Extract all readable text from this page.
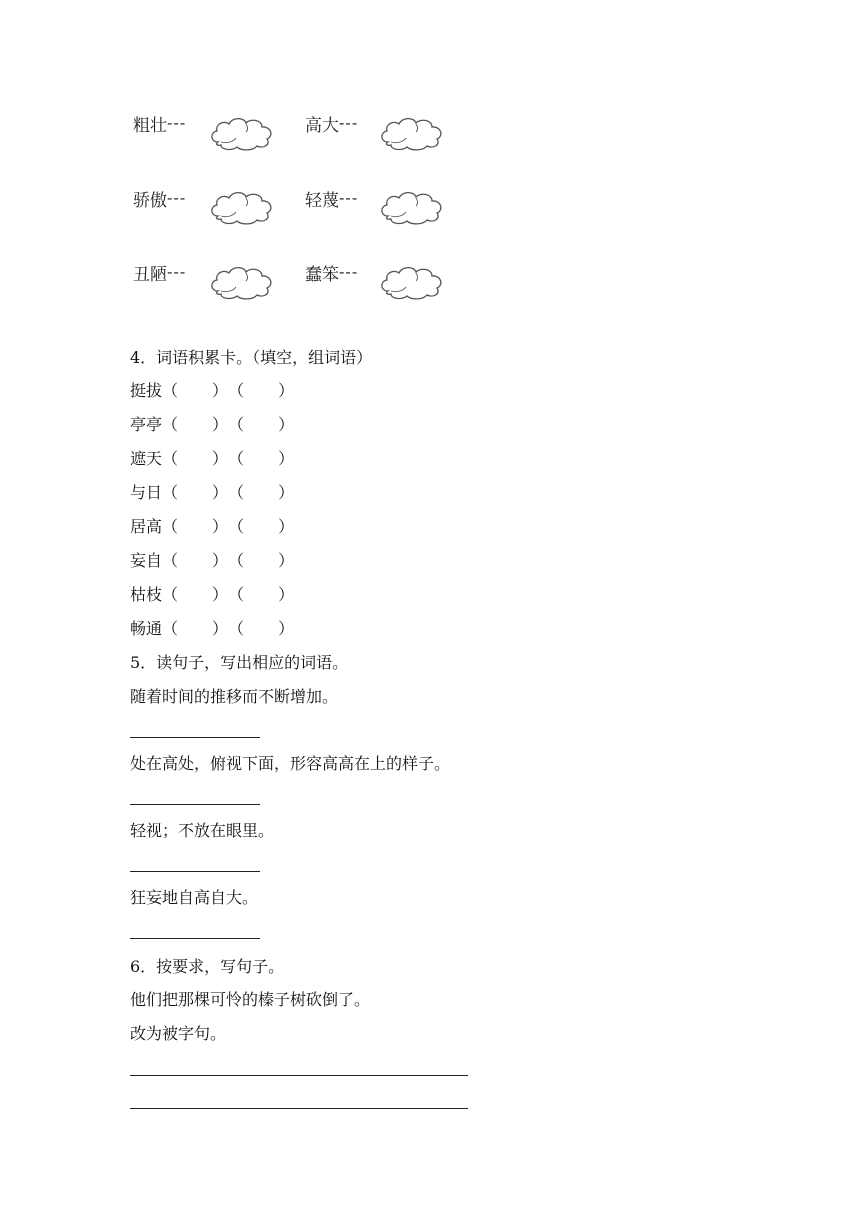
粗壮 ---	高大 ---
骄傲 ---	轻蔑 ---
丑陋 ---	蠢笨 ---
4．词语积累卡。（填空，组词语）
挺拔（ ）（ ）
亭亭（ ）（ ）
遮天（ ）（ ）
与日（ ）（ ）
居高（ ）（ ）
妄自（ ）（ ）
枯枝（ ）（ ）
畅通（ ）（ ）
5．读句子，写出相应的词语。
随着时间的推移而不断增加。
处在高处，俯视下面，形容高高在上的样子。
轻视；不放在眼里。
狂妄地自高自大。
6．按要求，写句子。
他们把那棵可怜的榛子树砍倒了。
改为被字句。
